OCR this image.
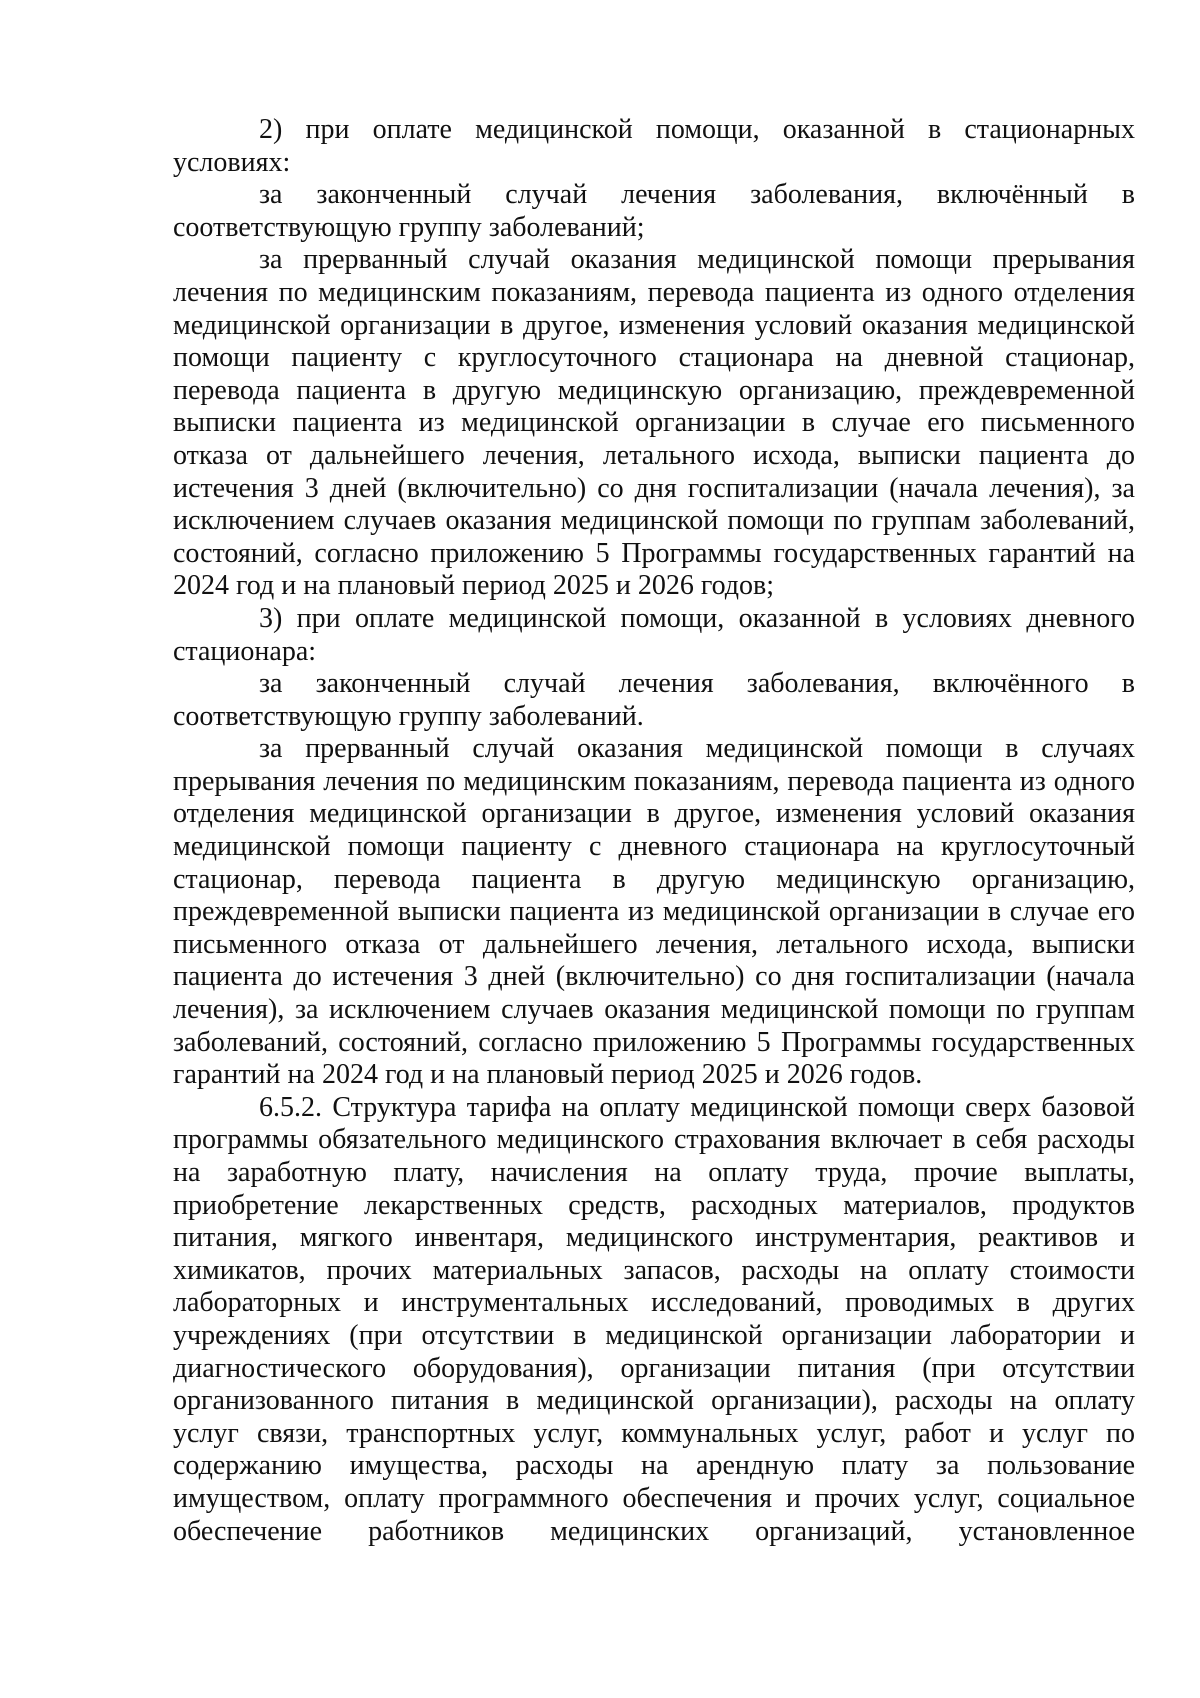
2) при оплате медицинской помощи, оказанной в стационарных условиях:

за законченный случай лечения заболевания, включённый в соответствующую группу заболеваний;

за прерванный случай оказания медицинской помощи прерывания лечения по медицинским показаниям, перевода пациента из одного отделения медицинской организации в другое, изменения условий оказания медицинской помощи пациенту с круглосуточного стационара на дневной стационар, перевода пациента в другую медицинскую организацию, преждевременной выписки пациента из медицинской организации в случае его письменного отказа от дальнейшего лечения, летального исхода, выписки пациента до истечения 3 дней (включительно) со дня госпитализации (начала лечения), за исключением случаев оказания медицинской помощи по группам заболеваний, состояний, согласно приложению 5 Программы государственных гарантий на 2024 год и на плановый период 2025 и 2026 годов;

3) при оплате медицинской помощи, оказанной в условиях дневного стационара:

за законченный случай лечения заболевания, включённого в соответствующую группу заболеваний.

за прерванный случай оказания медицинской помощи в случаях прерывания лечения по медицинским показаниям, перевода пациента из одного отделения медицинской организации в другое, изменения условий оказания медицинской помощи пациенту с дневного стационара на круглосуточный стационар, перевода пациента в другую медицинскую организацию, преждевременной выписки пациента из медицинской организации в случае его письменного отказа от дальнейшего лечения, летального исхода, выписки пациента до истечения 3 дней (включительно) со дня госпитализации (начала лечения), за исключением случаев оказания медицинской помощи по группам заболеваний, состояний, согласно приложению 5 Программы государственных гарантий на 2024 год и на плановый период 2025 и 2026 годов.

6.5.2. Структура тарифа на оплату медицинской помощи сверх базовой программы обязательного медицинского страхования включает в себя расходы на заработную плату, начисления на оплату труда, прочие выплаты, приобретение лекарственных средств, расходных материалов, продуктов питания, мягкого инвентаря, медицинского инструментария, реактивов и химикатов, прочих материальных запасов, расходы на оплату стоимости лабораторных и инструментальных исследований, проводимых в других учреждениях (при отсутствии в медицинской организации лаборатории и диагностического оборудования), организации питания (при отсутствии организованного питания в медицинской организации), расходы на оплату услуг связи, транспортных услуг, коммунальных услуг, работ и услуг по содержанию имущества, расходы на арендную плату за пользование имуществом, оплату программного обеспечения и прочих услуг, социальное обеспечение работников медицинских организаций, установленное
